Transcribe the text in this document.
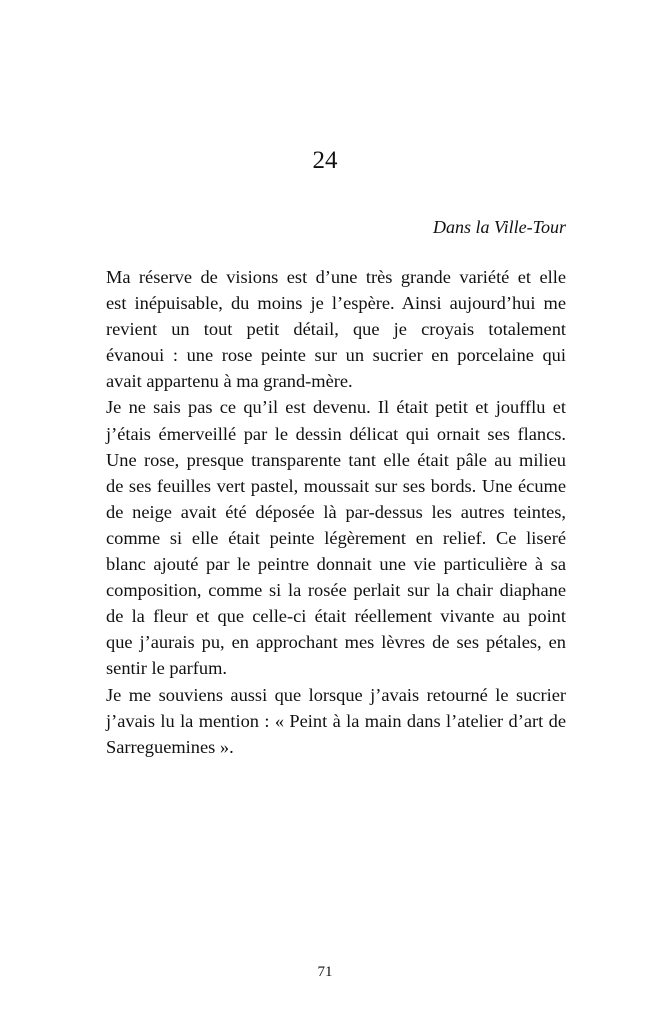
24
Dans la Ville-Tour

Ma réserve de visions est d’une très grande variété et elle
est inépuisable, du moins je l’espère. Ainsi aujourd’hui me
revient un tout petit détail, que je croyais totalement
évanoui : une rose peinte sur un sucrier en porcelaine qui
avait appartenu à ma grand-mère.

Je ne sais pas ce qu’il est devenu. Il était petit et joufflu et
j’étais émerveillé par le dessin délicat qui ornait ses flancs.
Une rose, presque transparente tant elle était pâle au milieu
de ses feuilles vert pastel, moussait sur ses bords. Une écume
de neige avait été déposée là par-dessus les autres teintes,
comme si elle était peinte légèrement en relief. Ce liseré
blanc ajouté par le peintre donnait une vie particulière à sa
composition, comme si la rosée perlait sur la chair diaphane
de la fleur et que celle-ci était réellement vivante au point
que j’aurais pu, en approchant mes lèvres de ses pétales, en
sentir le parfum.

Je me souviens aussi que lorsque j’avais retourné le sucrier
j’avais lu la mention : « Peint à la main dans l’atelier d’art de
Sarreguemines ».

71
